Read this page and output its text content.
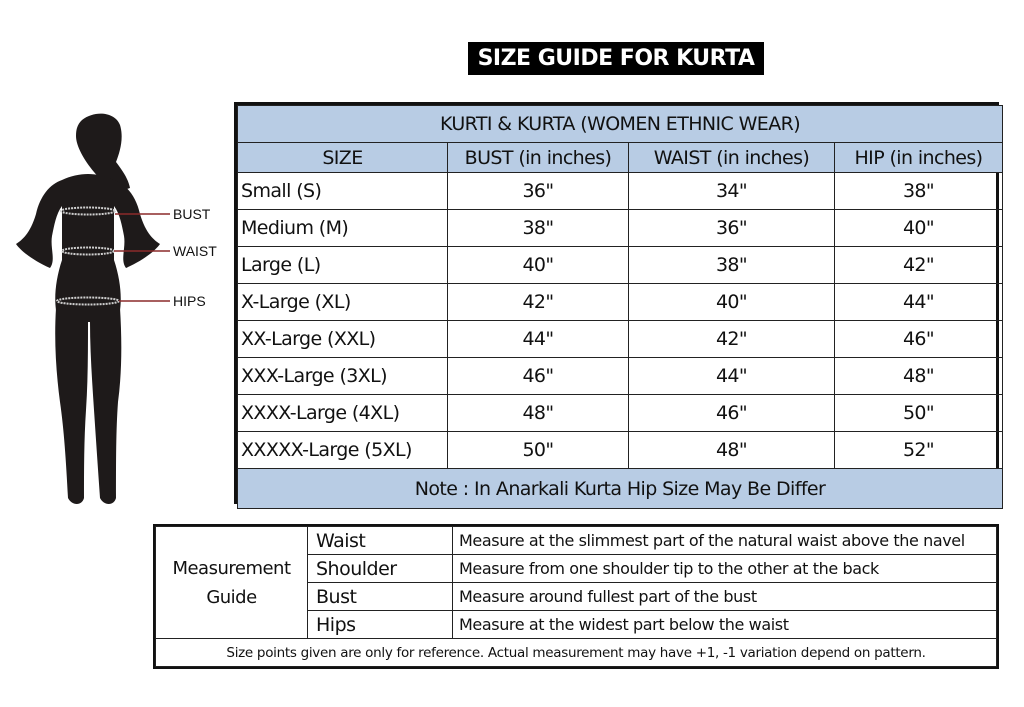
SIZE GUIDE FOR KURTA
BUST
WAIST
HIPS
KURTI & KURTA (WOMEN ETHNIC WEAR)			
SIZE	BUST (in inches)	WAIST (in inches)	HIP (in inches)
Small (S)	36"	34"	38"
Medium (M)	38"	36"	40"
Large (L)	40"	38"	42"
X-Large (XL)	42"	40"	44"
XX-Large (XXL)	44"	42"	46"
XXX-Large (3XL)	46"	44"	48"
XXXX-Large (4XL)	48"	46"	50"
XXXXX-Large (5XL)	50"	48"	52"
Note : In Anarkali Kurta Hip Size May Be Differ			
Measurement
Guide	Waist	Measure at the slimmest part of the natural waist above the navel
	Shoulder	Measure from one shoulder tip to the other at the back
	Bust	Measure around fullest part of the bust
	Hips	Measure at the widest part below the waist
Size points given are only for reference. Actual measurement may have +1, -1 variation depend on pattern.		
